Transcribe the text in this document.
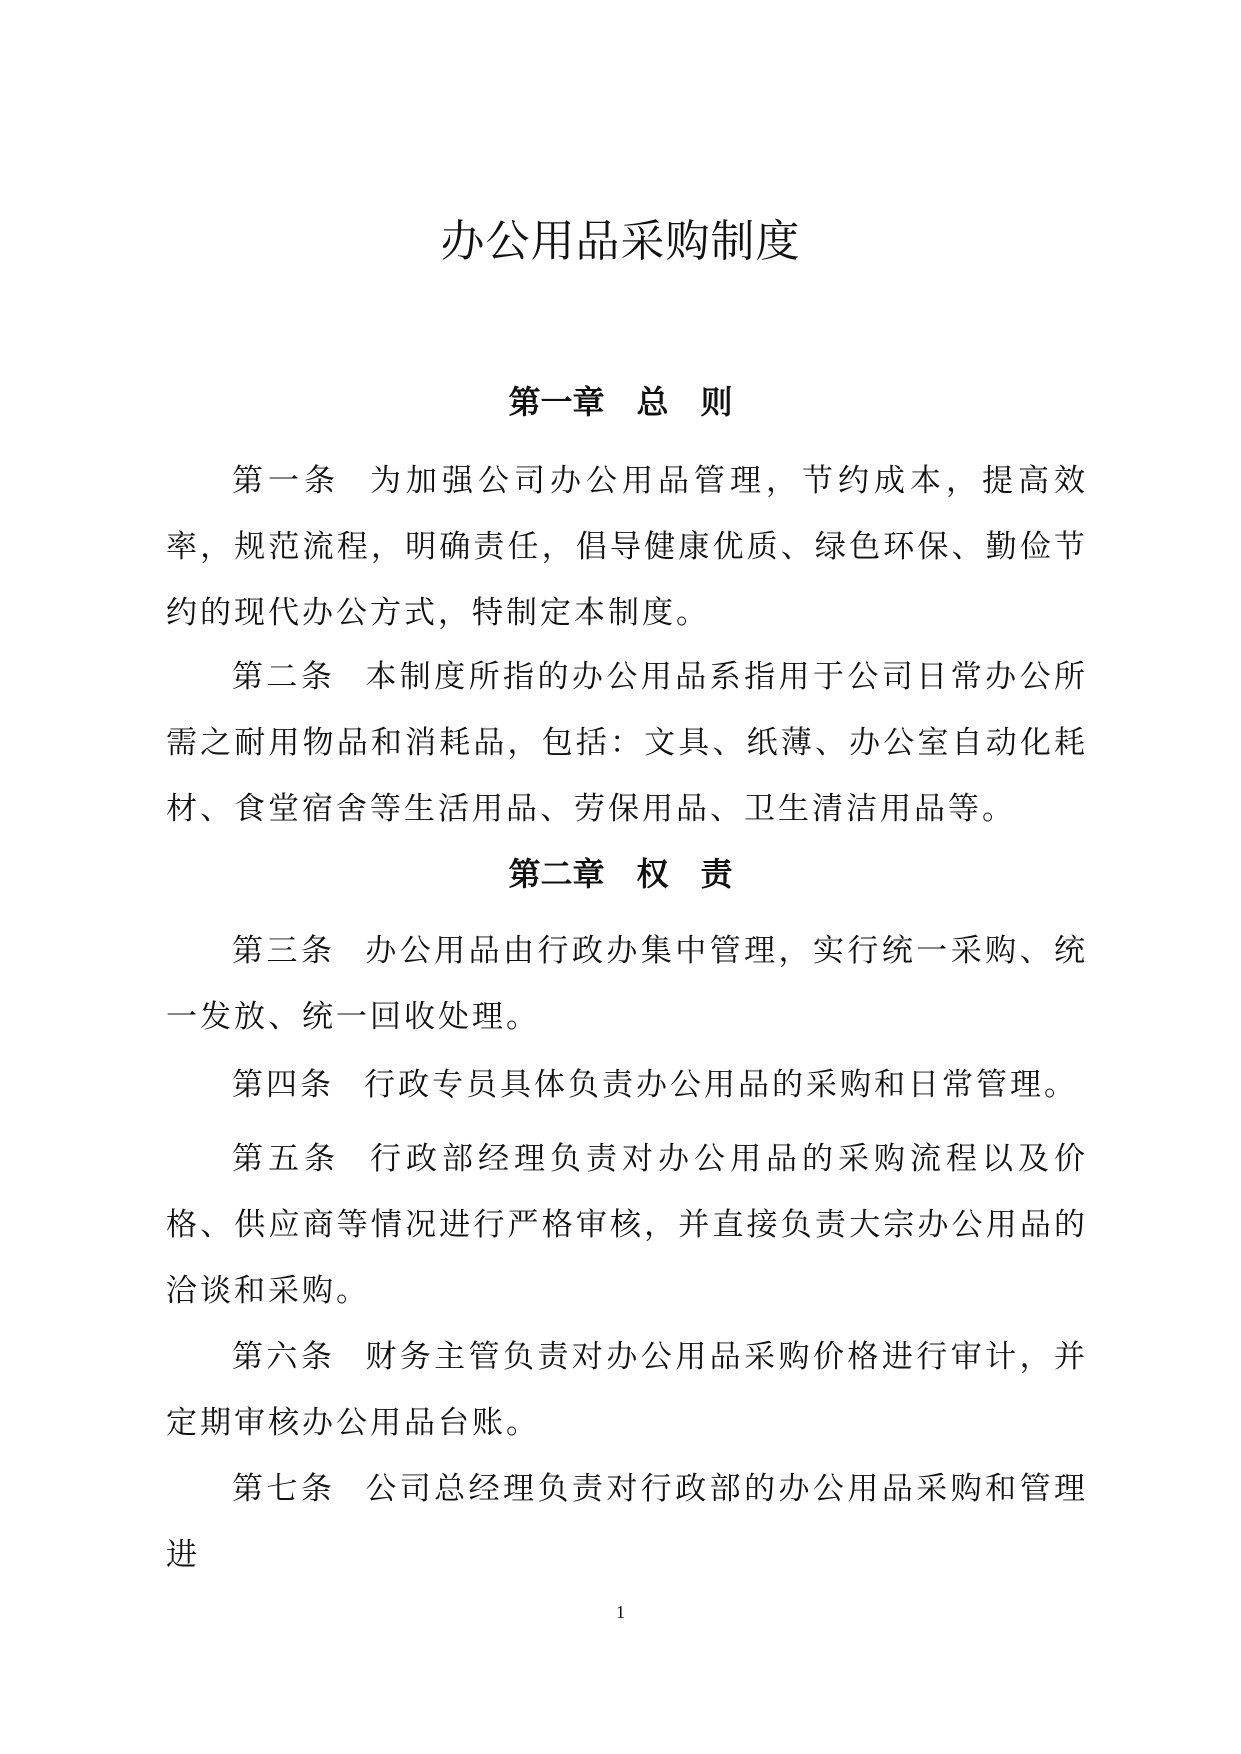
办公用品采购制度
第一章　总　则
第一条 为加强公司办公用品管理，节约成本，提高效率，规范流程，明确责任，倡导健康优质、绿色环保、勤俭节约的现代办公方式，特制定本制度。
第二条 本制度所指的办公用品系指用于公司日常办公所需之耐用物品和消耗品，包括：文具、纸薄、办公室自动化耗材、食堂宿舍等生活用品、劳保用品、卫生清洁用品等。
第二章　权　责
第三条 办公用品由行政办集中管理，实行统一采购、统一发放、统一回收处理。
第四条 行政专员具体负责办公用品的采购和日常管理。
第五条 行政部经理负责对办公用品的采购流程以及价格、供应商等情况进行严格审核，并直接负责大宗办公用品的洽谈和采购。
第六条 财务主管负责对办公用品采购价格进行审计，并定期审核办公用品台账。
第七条 公司总经理负责对行政部的办公用品采购和管理进
1
